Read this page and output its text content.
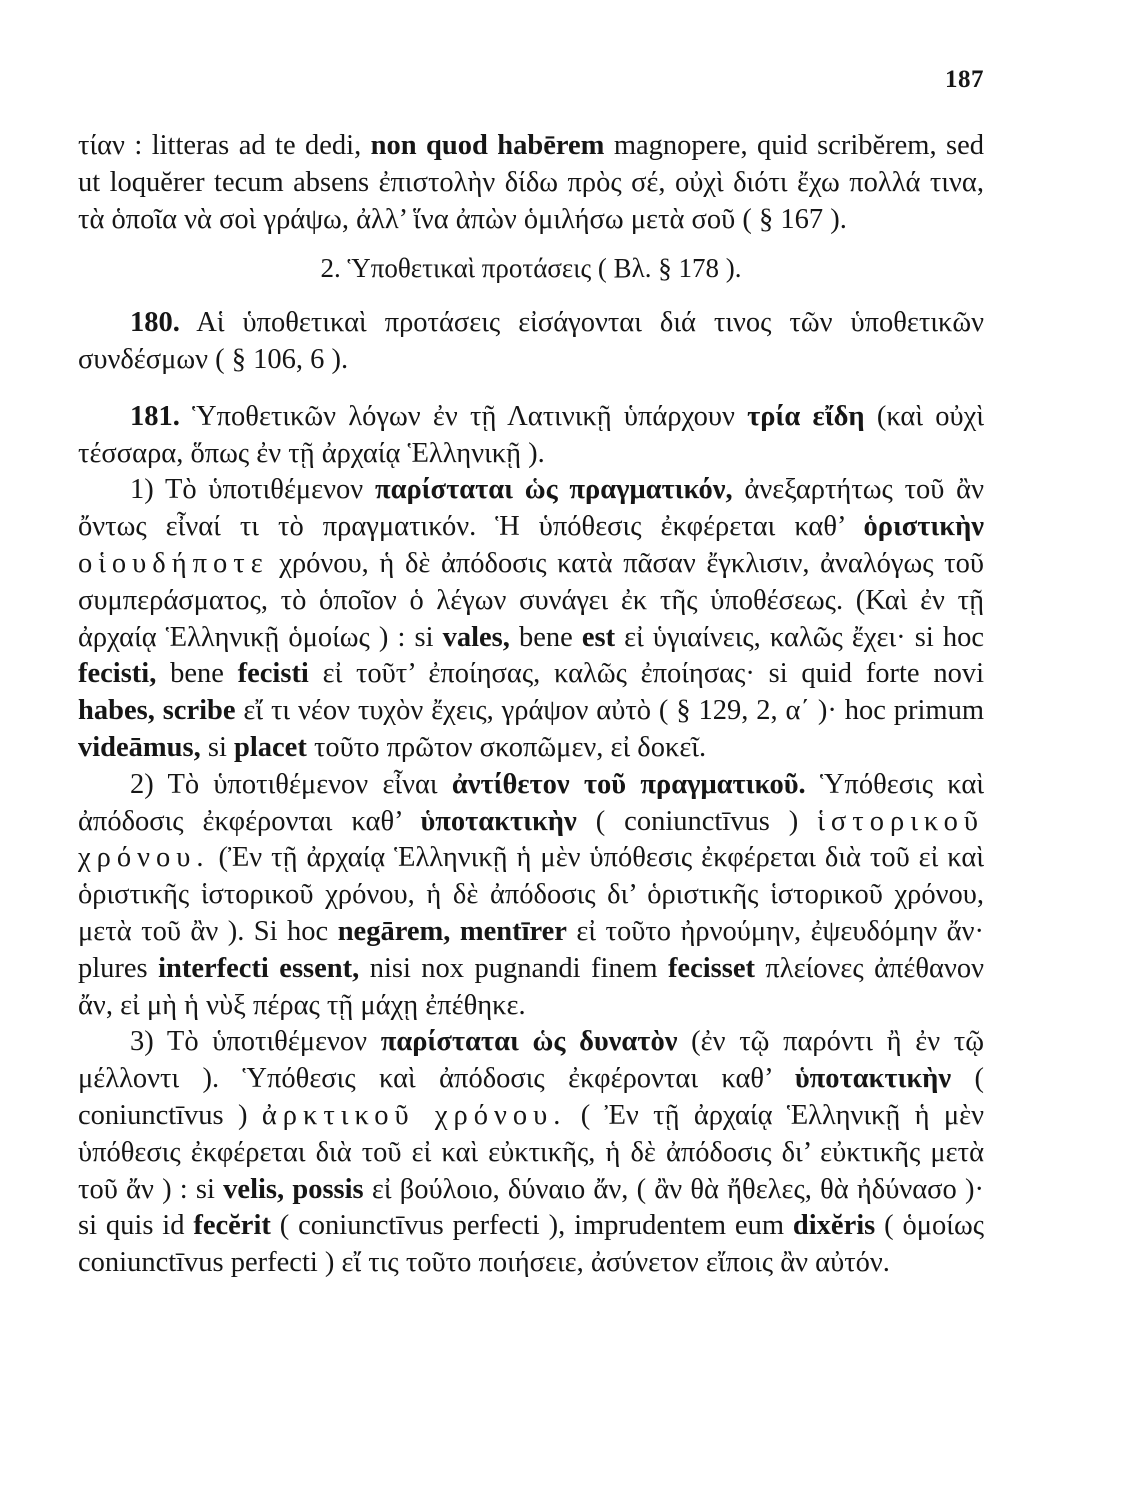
187

τίαν : litteras ad te dedi, non quod habērem magnopere, quid scribĕrem, sed ut loquĕrer tecum absens ἐπιστολὴν δίδω πρὸς σέ, οὐχὶ διότι ἔχω πολλά τινα, τὰ ὁποῖα νὰ σοὶ γράψω, ἀλλ’ ἵνα ἀπὼν ὁμιλήσω μετὰ σοῦ ( § 167 ).

2. Ὑποθετικαὶ προτάσεις ( Βλ. § 178 ).

180. Αἱ ὑποθετικαὶ προτάσεις εἰσάγονται διά τινος τῶν ὑποθετικῶν συνδέσμων ( § 106, 6 ).

181. Ὑποθετικῶν λόγων ἐν τῇ Λατινικῇ ὑπάρχουν τρία εἴδη (καὶ οὐχὶ τέσσαρα, ὅπως ἐν τῇ ἀρχαίᾳ Ἑλληνικῇ ).

1) Τὸ ὑποτιθέμενον παρίσταται ὡς πραγματικόν, ἀνεξαρτήτως τοῦ ἂν ὄντως εἶναί τι τὸ πραγματικόν. Ἡ ὑπόθεσις ἐκφέρεται καθ’ ὁριστικὴν οἱουδήποτε χρόνου, ἡ δὲ ἀπόδοσις κατὰ πᾶσαν ἔγκλισιν, ἀναλόγως τοῦ συμπεράσματος, τὸ ὁποῖον ὁ λέγων συνάγει ἐκ τῆς ὑποθέσεως. (Καὶ ἐν τῇ ἀρχαίᾳ Ἑλληνικῇ ὁμοίως ) : si vales, bene est εἰ ὑγιαίνεις, καλῶς ἔχει· si hoc fecisti, bene fecisti εἰ τοῦτ’ ἐποίησας, καλῶς ἐποίησας· si quid forte novi habes, scribe εἴ τι νέον τυχὸν ἔχεις, γράψον αὐτὸ ( § 129, 2, α΄ )· hoc primum videāmus, si placet τοῦτο πρῶτον σκοπῶμεν, εἰ δοκεῖ.

2) Τὸ ὑποτιθέμενον εἶναι ἀντίθετον τοῦ πραγματικοῦ. Ὑπόθεσις καὶ ἀπόδοσις ἐκφέρονται καθ’ ὑποτακτικὴν ( coniunctīvus ) ἱστορικοῦ χρόνου. (Ἐν τῇ ἀρχαίᾳ Ἑλληνικῇ ἡ μὲν ὑπόθεσις ἐκφέρεται διὰ τοῦ εἰ καὶ ὁριστικῆς ἱστορικοῦ χρόνου, ἡ δὲ ἀπόδοσις δι’ ὁριστικῆς ἱστορικοῦ χρόνου, μετὰ τοῦ ἂν ). Si hoc negārem, mentīrer εἰ τοῦτο ἠρνούμην, ἐψευδόμην ἄν· plures interfecti essent, nisi nox pugnandi finem fecisset πλείονες ἀπέθανον ἄν, εἰ μὴ ἡ νὺξ πέρας τῇ μάχῃ ἐπέθηκε.

3) Τὸ ὑποτιθέμενον παρίσταται ὡς δυνατὸν (ἐν τῷ παρόντι ἢ ἐν τῷ μέλλοντι ). Ὑπόθεσις καὶ ἀπόδοσις ἐκφέρονται καθ’ ὑποτακτικὴν ( coniunctīvus ) ἀρκτικοῦ χρόνου. ( Ἐν τῇ ἀρχαίᾳ Ἑλληνικῇ ἡ μὲν ὑπόθεσις ἐκφέρεται διὰ τοῦ εἰ καὶ εὐκτικῆς, ἡ δὲ ἀπόδοσις δι’ εὐκτικῆς μετὰ τοῦ ἄν ) : si velis, possis εἰ βούλοιο, δύναιο ἄν, ( ἂν θὰ ἤθελες, θὰ ἠδύνασο )· si quis id fecĕrit ( coniunctīvus perfecti ), imprudentem eum dixĕris ( ὁμοίως coniunctīvus perfecti ) εἴ τις τοῦτο ποιήσειε, ἀσύνετον εἴποις ἂν αὐτόν.
